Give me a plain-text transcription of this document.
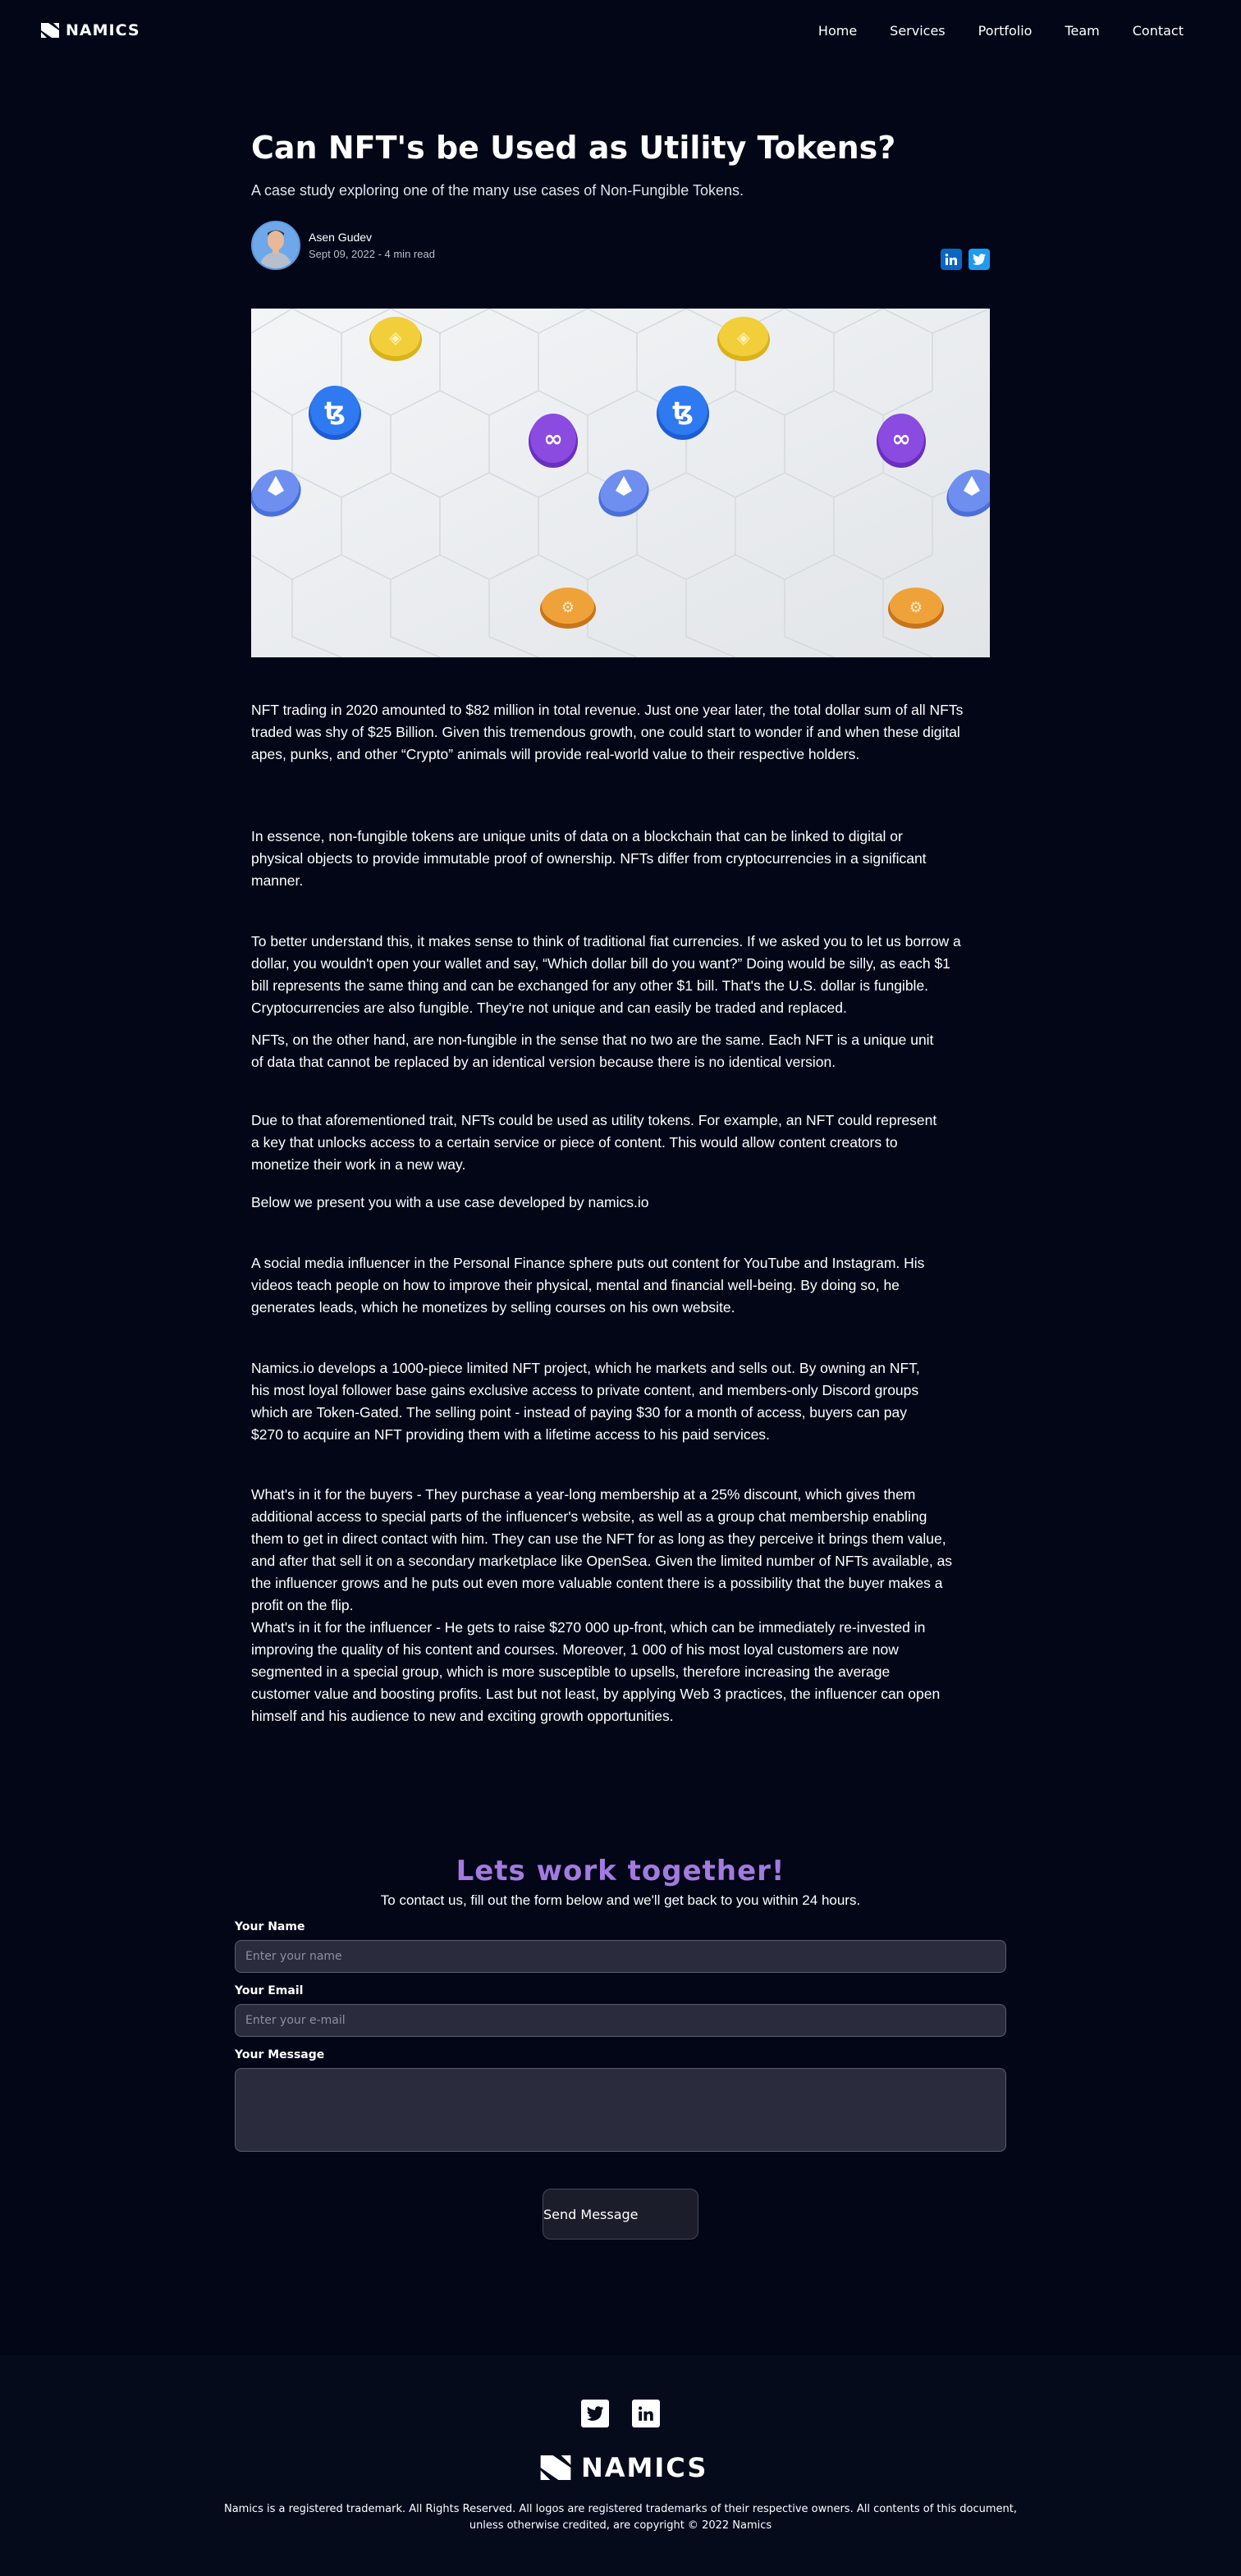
NAMICS	Home	Services	Portfolio	Team	Contact
Can NFT's be Used as Utility Tokens?

A case study exploring one of the many use cases of Non-Fungible Tokens.

Asen Gudev
Sept 09, 2022 - 4 min read
◈	◈
ꜩ	ꜩ
∞	∞
⚙	⚙

NFT trading in 2020 amounted to $82 million in total revenue. Just one year later, the total dollar sum of all NFTs traded was shy of $25 Billion. Given this tremendous growth, one could start to wonder if and when these digital apes, punks, and other “Crypto” animals will provide real-world value to their respective holders.

In essence, non-fungible tokens are unique units of data on a blockchain that can be linked to digital or physical objects to provide immutable proof of ownership. NFTs differ from cryptocurrencies in a significant manner.

To better understand this, it makes sense to think of traditional fiat currencies. If we asked you to let us borrow a dollar, you wouldn't open your wallet and say, “Which dollar bill do you want?” Doing would be silly, as each $1 bill represents the same thing and can be exchanged for any other $1 bill. That's the U.S. dollar is fungible. Cryptocurrencies are also fungible. They're not unique and can easily be traded and replaced.

NFTs, on the other hand, are non-fungible in the sense that no two are the same. Each NFT is a unique unit of data that cannot be replaced by an identical version because there is no identical version.

Due to that aforementioned trait, NFTs could be used as utility tokens. For example, an NFT could represent a key that unlocks access to a certain service or piece of content. This would allow content creators to monetize their work in a new way.

Below we present you with a use case developed by namics.io

A social media influencer in the Personal Finance sphere puts out content for YouTube and Instagram. His videos teach people on how to improve their physical, mental and financial well-being. By doing so, he generates leads, which he monetizes by selling courses on his own website.

Namics.io develops a 1000-piece limited NFT project, which he markets and sells out. By owning an NFT, his most loyal follower base gains exclusive access to private content, and members-only Discord groups which are Token-Gated. The selling point - instead of paying $30 for a month of access, buyers can pay $270 to acquire an NFT providing them with a lifetime access to his paid services.

What's in it for the buyers - They purchase a year-long membership at a 25% discount, which gives them additional access to special parts of the influencer's website, as well as a group chat membership enabling them to get in direct contact with him. They can use the NFT for as long as they perceive it brings them value, and after that sell it on a secondary marketplace like OpenSea. Given the limited number of NFTs available, as the influencer grows and he puts out even more valuable content there is a possibility that the buyer makes a profit on the flip.

What's in it for the influencer - He gets to raise $270 000 up-front, which can be immediately re-invested in improving the quality of his content and courses. Moreover, 1 000 of his most loyal customers are now segmented in a special group, which is more susceptible to upsells, therefore increasing the average customer value and boosting profits. Last but not least, by applying Web 3 practices, the influencer can open himself and his audience to new and exciting growth opportunities.

Lets work together!

To contact us, fill out the form below and we'll get back to you within 24 hours.

Your Name
Enter your name
Your Email
Enter your e-mail
Your Message
Send Message
NAMICS

Namics is a registered trademark. All Rights Reserved. All logos are registered trademarks of their respective owners. All contents of this document, unless otherwise credited, are copyright © 2022 Namics
